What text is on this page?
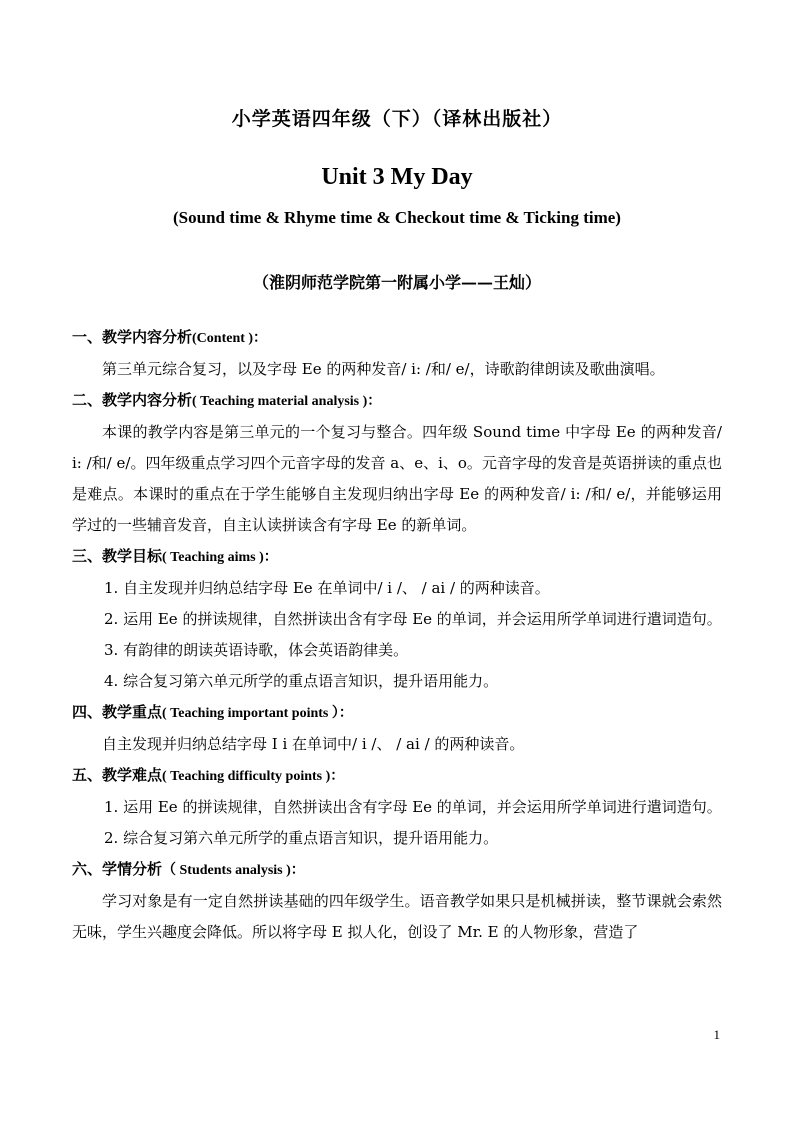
小学英语四年级（下）（译林出版社）
Unit 3 My Day
(Sound time & Rhyme time & Checkout time & Ticking time)
（淮阴师范学院第一附属小学——王灿）

一、教学内容分析(Content )：

第三单元综合复习，以及字母 Ee 的两种发音/ i: /和/ e/，诗歌韵律朗读及歌曲演唱。

二、教学内容分析( Teaching material analysis )：

本课的教学内容是第三单元的一个复习与整合。四年级 Sound time 中字母 Ee 的两种发音/ i: /和/ e/。四年级重点学习四个元音字母的发音 a、e、i、o。元音字母的发音是英语拼读的重点也是难点。本课时的重点在于学生能够自主发现归纳出字母 Ee 的两种发音/ i: /和/ e/，并能够运用学过的一些辅音发音，自主认读拼读含有字母 Ee 的新单词。

三、教学目标( Teaching aims )：

1. 自主发现并归纳总结字母 Ee 在单词中/ i /、 / ai / 的两种读音。

2. 运用 Ee 的拼读规律，自然拼读出含有字母 Ee 的单词，并会运用所学单词进行遣词造句。

3. 有韵律的朗读英语诗歌，体会英语韵律美。

4. 综合复习第六单元所学的重点语言知识，提升语用能力。

四、教学重点( Teaching important points ）：

自主发现并归纳总结字母 I i 在单词中/ i /、 / ai / 的两种读音。

五、教学难点( Teaching difficulty points )：

1. 运用 Ee 的拼读规律，自然拼读出含有字母 Ee 的单词，并会运用所学单词进行遣词造句。

2. 综合复习第六单元所学的重点语言知识，提升语用能力。

六、学情分析（ Students analysis )：

学习对象是有一定自然拼读基础的四年级学生。语音教学如果只是机械拼读，整节课就会索然无味，学生兴趣度会降低。所以将字母 E 拟人化，创设了 Mr. E 的人物形象，营造了

1
